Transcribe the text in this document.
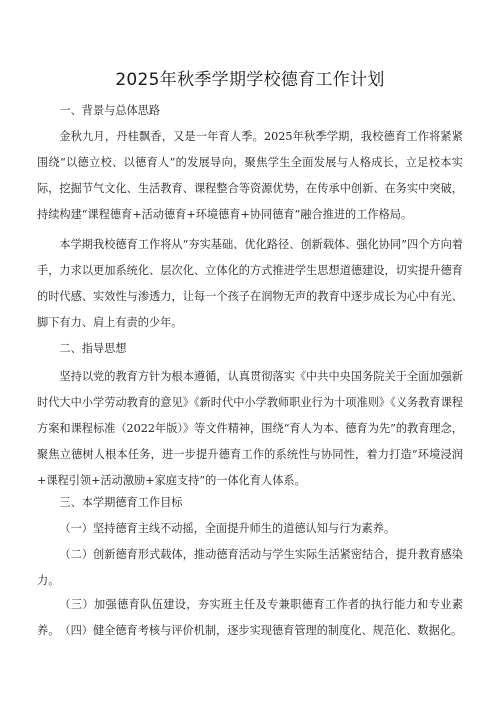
2025年秋季学期学校德育工作计划
一、背景与总体思路
金秋九月，丹桂飘香，又是一年育人季。2025年秋季学期，我校德育工作将紧紧围绕“以德立校、以德育人”的发展导向，聚焦学生全面发展与人格成长，立足校本实际，挖掘节气文化、生活教育、课程整合等资源优势，在传承中创新、在务实中突破，持续构建“课程德育+活动德育+环境德育+协同德育”融合推进的工作格局。
本学期我校德育工作将从“夯实基础、优化路径、创新载体、强化协同”四个方向着手，力求以更加系统化、层次化、立体化的方式推进学生思想道德建设，切实提升德育的时代感、实效性与渗透力，让每一个孩子在润物无声的教育中逐步成长为心中有光、脚下有力、肩上有责的少年。
二、指导思想
坚持以党的教育方针为根本遵循，认真贯彻落实《中共中央国务院关于全面加强新时代大中小学劳动教育的意见》《新时代中小学教师职业行为十项准则》《义务教育课程方案和课程标准（2022年版）》等文件精神，围绕“育人为本、德育为先”的教育理念，聚焦立德树人根本任务，进一步提升德育工作的系统性与协同性，着力打造“环境浸润+课程引领+活动激励+家庭支持”的一体化育人体系。
三、本学期德育工作目标
（一）坚持德育主线不动摇，全面提升师生的道德认知与行为素养。
（二）创新德育形式载体，推动德育活动与学生实际生活紧密结合，提升教育感染力。
（三）加强德育队伍建设，夯实班主任及专兼职德育工作者的执行能力和专业素养。 （四）健全德育考核与评价机制，逐步实现德育管理的制度化、规范化、数据化。
